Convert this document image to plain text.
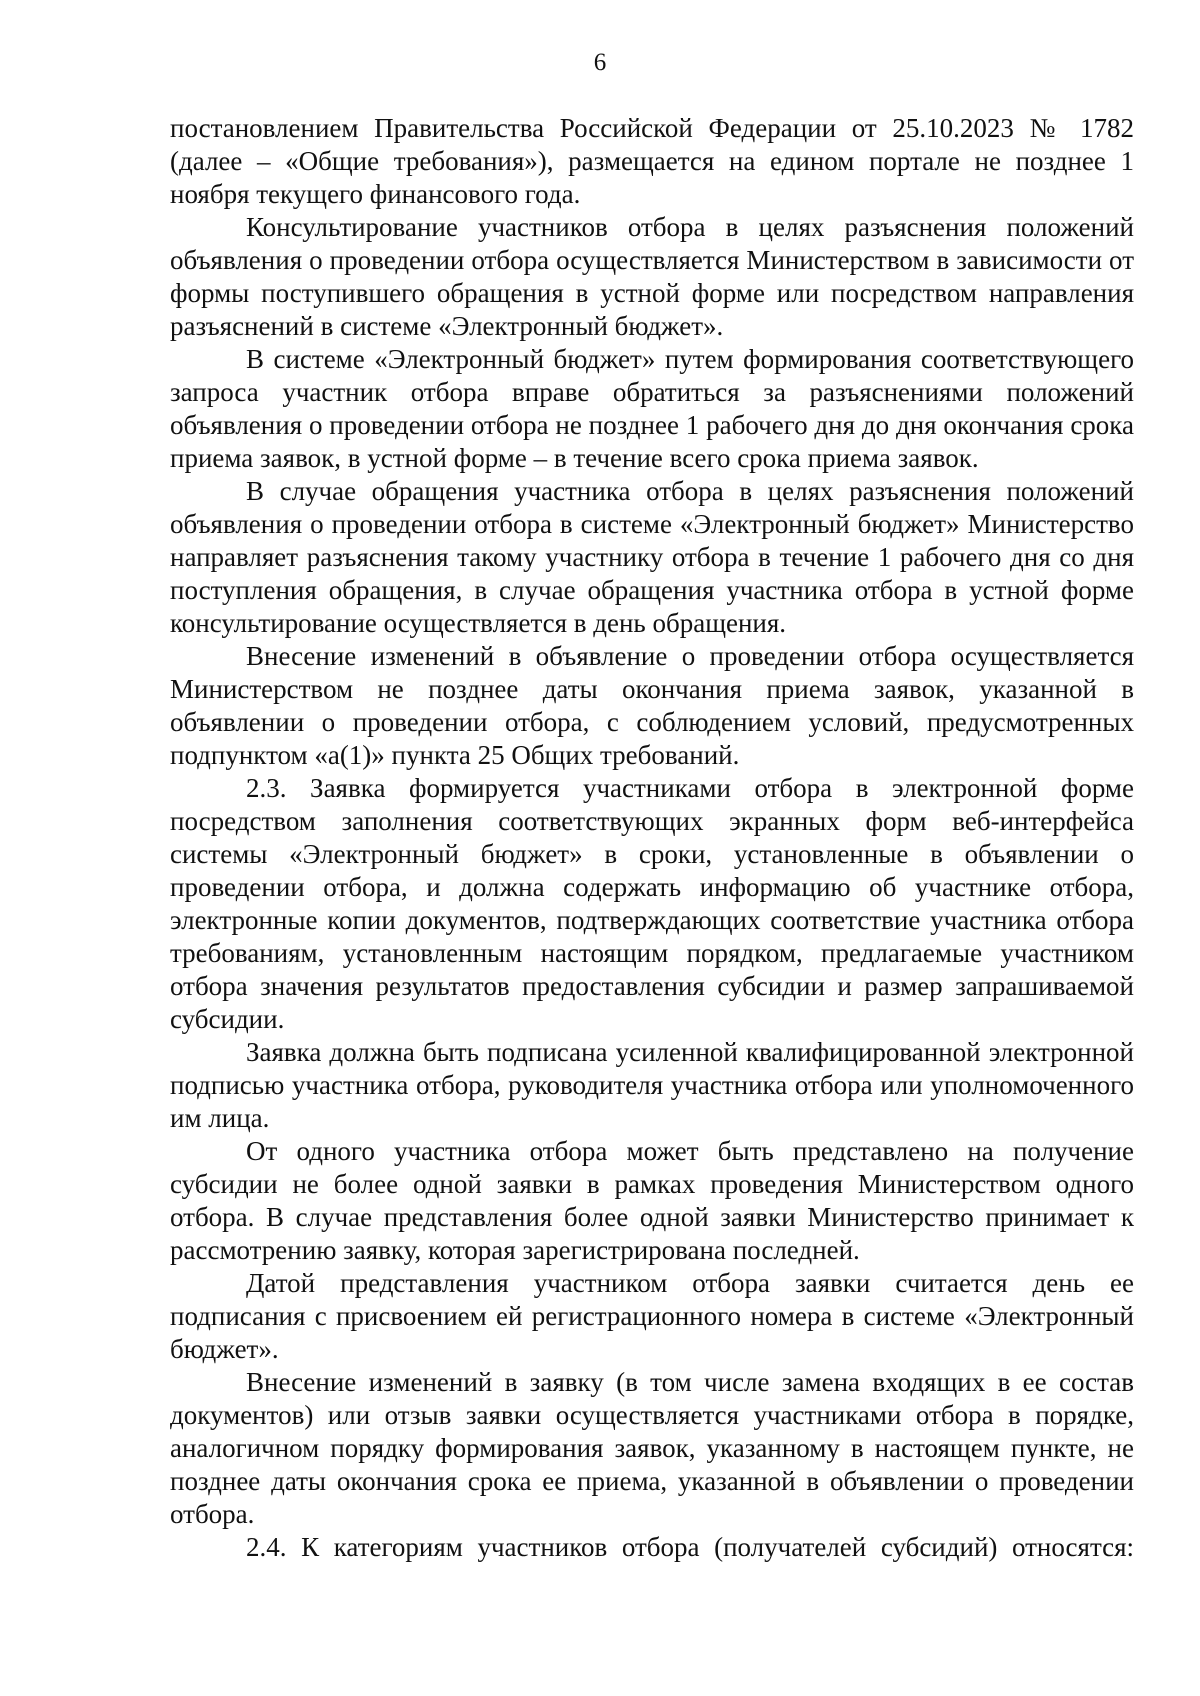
6

постановлением Правительства Российской Федерации от 25.10.2023 № 1782 (далее – «Общие требования»), размещается на едином портале не позднее 1 ноября текущего финансового года.

Консультирование участников отбора в целях разъяснения положений объявления о проведении отбора осуществляется Министерством в зависимости от формы поступившего обращения в устной форме или посредством направления разъяснений в системе «Электронный бюджет».

В системе «Электронный бюджет» путем формирования соответствующего запроса участник отбора вправе обратиться за разъяснениями положений объявления о проведении отбора не позднее 1 рабочего дня до дня окончания срока приема заявок, в устной форме – в течение всего срока приема заявок.

В случае обращения участника отбора в целях разъяснения положений объявления о проведении отбора в системе «Электронный бюджет» Министерство направляет разъяснения такому участнику отбора в течение 1 рабочего дня со дня поступления обращения, в случае обращения участника отбора в устной форме консультирование осуществляется в день обращения.

Внесение изменений в объявление о проведении отбора осуществляется Министерством не позднее даты окончания приема заявок, указанной в объявлении о проведении отбора, с соблюдением условий, предусмотренных подпунктом «а(1)» пункта 25 Общих требований.

2.3. Заявка формируется участниками отбора в электронной форме посредством заполнения соответствующих экранных форм веб-интерфейса системы «Электронный бюджет» в сроки, установленные в объявлении о проведении отбора, и должна содержать информацию об участнике отбора, электронные копии документов, подтверждающих соответствие участника отбора требованиям, установленным настоящим порядком, предлагаемые участником отбора значения результатов предоставления субсидии и размер запрашиваемой субсидии.

Заявка должна быть подписана усиленной квалифицированной электронной подписью участника отбора, руководителя участника отбора или уполномоченного им лица.

От одного участника отбора может быть представлено на получение субсидии не более одной заявки в рамках проведения Министерством одного отбора. В случае представления более одной заявки Министерство принимает к рассмотрению заявку, которая зарегистрирована последней.

Датой представления участником отбора заявки считается день ее подписания с присвоением ей регистрационного номера в системе «Электронный бюджет».

Внесение изменений в заявку (в том числе замена входящих в ее состав документов) или отзыв заявки осуществляется участниками отбора в порядке, аналогичном порядку формирования заявок, указанному в настоящем пункте, не позднее даты окончания срока ее приема, указанной в объявлении о проведении отбора.

2.4. К категориям участников отбора (получателей субсидий) относятся:
